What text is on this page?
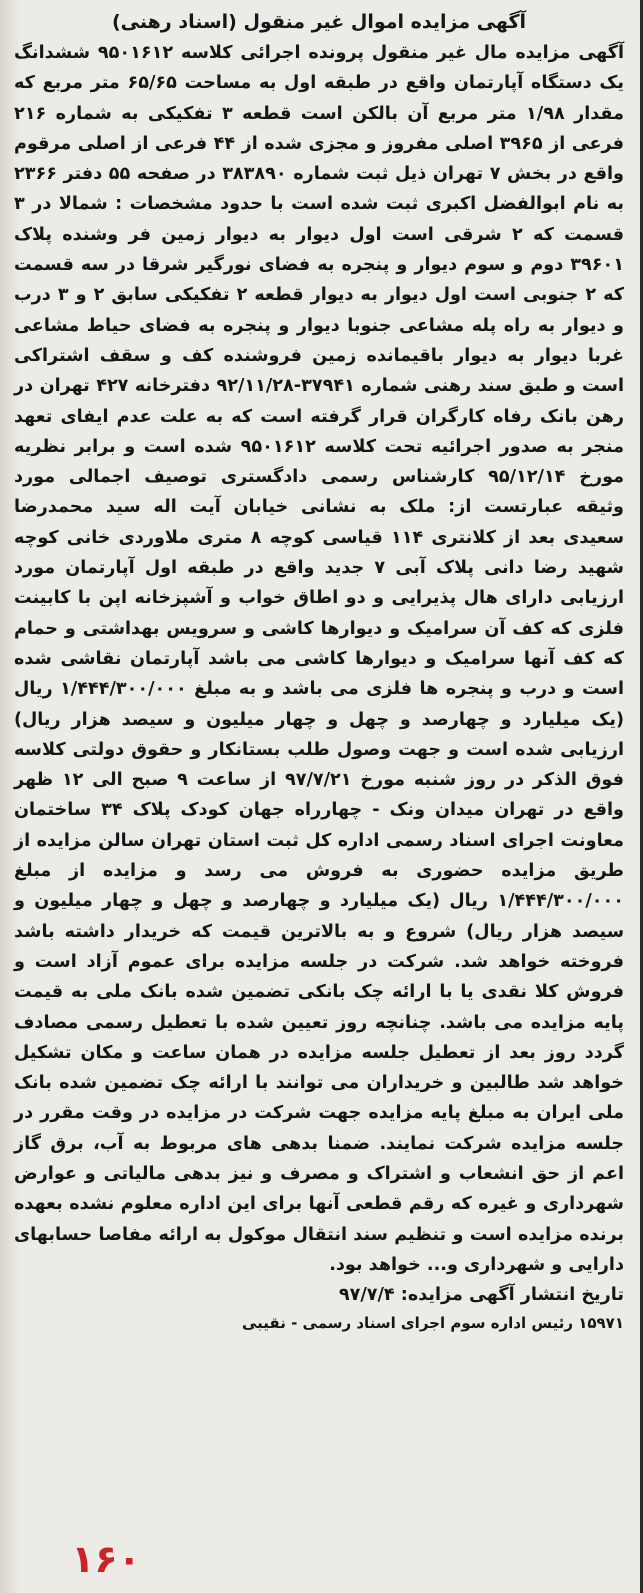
آگهی مزایده اموال غیر منقول (اسناد رهنی)

آگهی مزایده مال غیر منقول پرونده اجرائی کلاسه ۹۵۰۱۶۱۲ ششدانگ یک دستگاه آپارتمان واقع در طبقه اول به مساحت ۶۵/۶۵ متر مربع که مقدار ۱/۹۸ متر مربع آن بالکن است قطعه ۳ تفکیکی به شماره ۲۱۶ فرعی از ۳۹۶۵ اصلی مفروز و مجزی شده از ۴۴ فرعی از اصلی مرقوم واقع در بخش ۷ تهران ذیل ثبت شماره ۳۸۳۸۹۰ در صفحه ۵۵ دفتر ۲۳۶۶ به نام ابوالفضل اکبری ثبت شده است با حدود مشخصات : شمالا در ۳ قسمت که ۲ شرقی است اول دیوار به دیوار زمین فر وشنده پلاک ۳۹۶۰۱ دوم و سوم دیوار و پنجره به فضای نورگیر شرقا در سه قسمت که ۲ جنوبی است اول دیوار به دیوار قطعه ۲ تفکیکی سابق ۲ و ۳ درب و دیوار به راه پله مشاعی جنوبا دیوار و پنجره به فضای حیاط مشاعی غربا دیوار به دیوار باقیمانده زمین فروشنده کف و سقف اشتراکی است و طبق سند رهنی شماره ۳۷۹۴۱-۹۲/۱۱/۲۸ دفترخانه ۴۲۷ تهران در رهن بانک رفاه کارگران قرار گرفته است که به علت عدم ایفای تعهد منجر به صدور اجرائیه تحت کلاسه ۹۵۰۱۶۱۲ شده است و برابر نظریه مورخ ۹۵/۱۲/۱۴ کارشناس رسمی دادگستری توصیف اجمالی مورد وثیقه عبارتست از: ملک به نشانی خیابان آیت اله سید محمدرضا سعیدی بعد از کلانتری ۱۱۴ قیاسی کوچه ۸ متری ملاوردی خانی کوچه شهید رضا دانی پلاک آبی ۷ جدید واقع در طبقه اول آپارتمان مورد ارزیابی دارای هال پذیرایی و دو اطاق خواب و آشپزخانه اپن با کابینت فلزی که کف آن سرامیک و دیوارها کاشی و سرویس بهداشتی و حمام که کف آنها سرامیک و دیوارها کاشی می باشد آپارتمان نقاشی شده است و درب و پنجره ها فلزی می باشد و به مبلغ ۱/۴۴۴/۳۰۰/۰۰۰ ریال (یک میلیارد و چهارصد و چهل و چهار میلیون و سیصد هزار ریال) ارزیابی شده است و جهت وصول طلب بستانکار و حقوق دولتی کلاسه فوق الذکر در روز شنبه مورخ ۹۷/۷/۲۱ از ساعت ۹ صبح الی ۱۲ ظهر واقع در تهران میدان ونک - چهارراه جهان کودک پلاک ۳۴ ساختمان معاونت اجرای اسناد رسمی اداره کل ثبت استان تهران سالن مزایده از طریق مزایده حضوری به فروش می رسد و مزایده از مبلغ ۱/۴۴۴/۳۰۰/۰۰۰ ریال (یک میلیارد و چهارصد و چهل و چهار میلیون و سیصد هزار ریال) شروع و به بالاترین قیمت که خریدار داشته باشد فروخته خواهد شد. شرکت در جلسه مزایده برای عموم آزاد است و فروش کلا نقدی یا با ارائه چک بانکی تضمین شده بانک ملی به قیمت پایه مزایده می باشد. چنانچه روز تعیین شده با تعطیل رسمی مصادف گردد روز بعد از تعطیل جلسه مزایده در همان ساعت و مکان تشکیل خواهد شد طالبین و خریداران می توانند با ارائه چک تضمین شده بانک ملی ایران به مبلغ پایه مزایده جهت شرکت در مزایده در وقت مقرر در جلسه مزایده شرکت نمایند. ضمنا بدهی های مربوط به آب، برق گاز اعم از حق انشعاب و اشتراک و مصرف و نیز بدهی مالیاتی و عوارض شهرداری و غیره که رقم قطعی آنها برای این اداره معلوم نشده بعهده برنده مزایده است و تنظیم سند انتقال موکول به ارائه مفاصا حسابهای دارایی و شهرداری و... خواهد بود.

تاریخ انتشار آگهی مزایده: ۹۷/۷/۴

۱۵۹۷۱ رئیس اداره سوم اجرای اسناد رسمی - نقیبی

۱۶۰
